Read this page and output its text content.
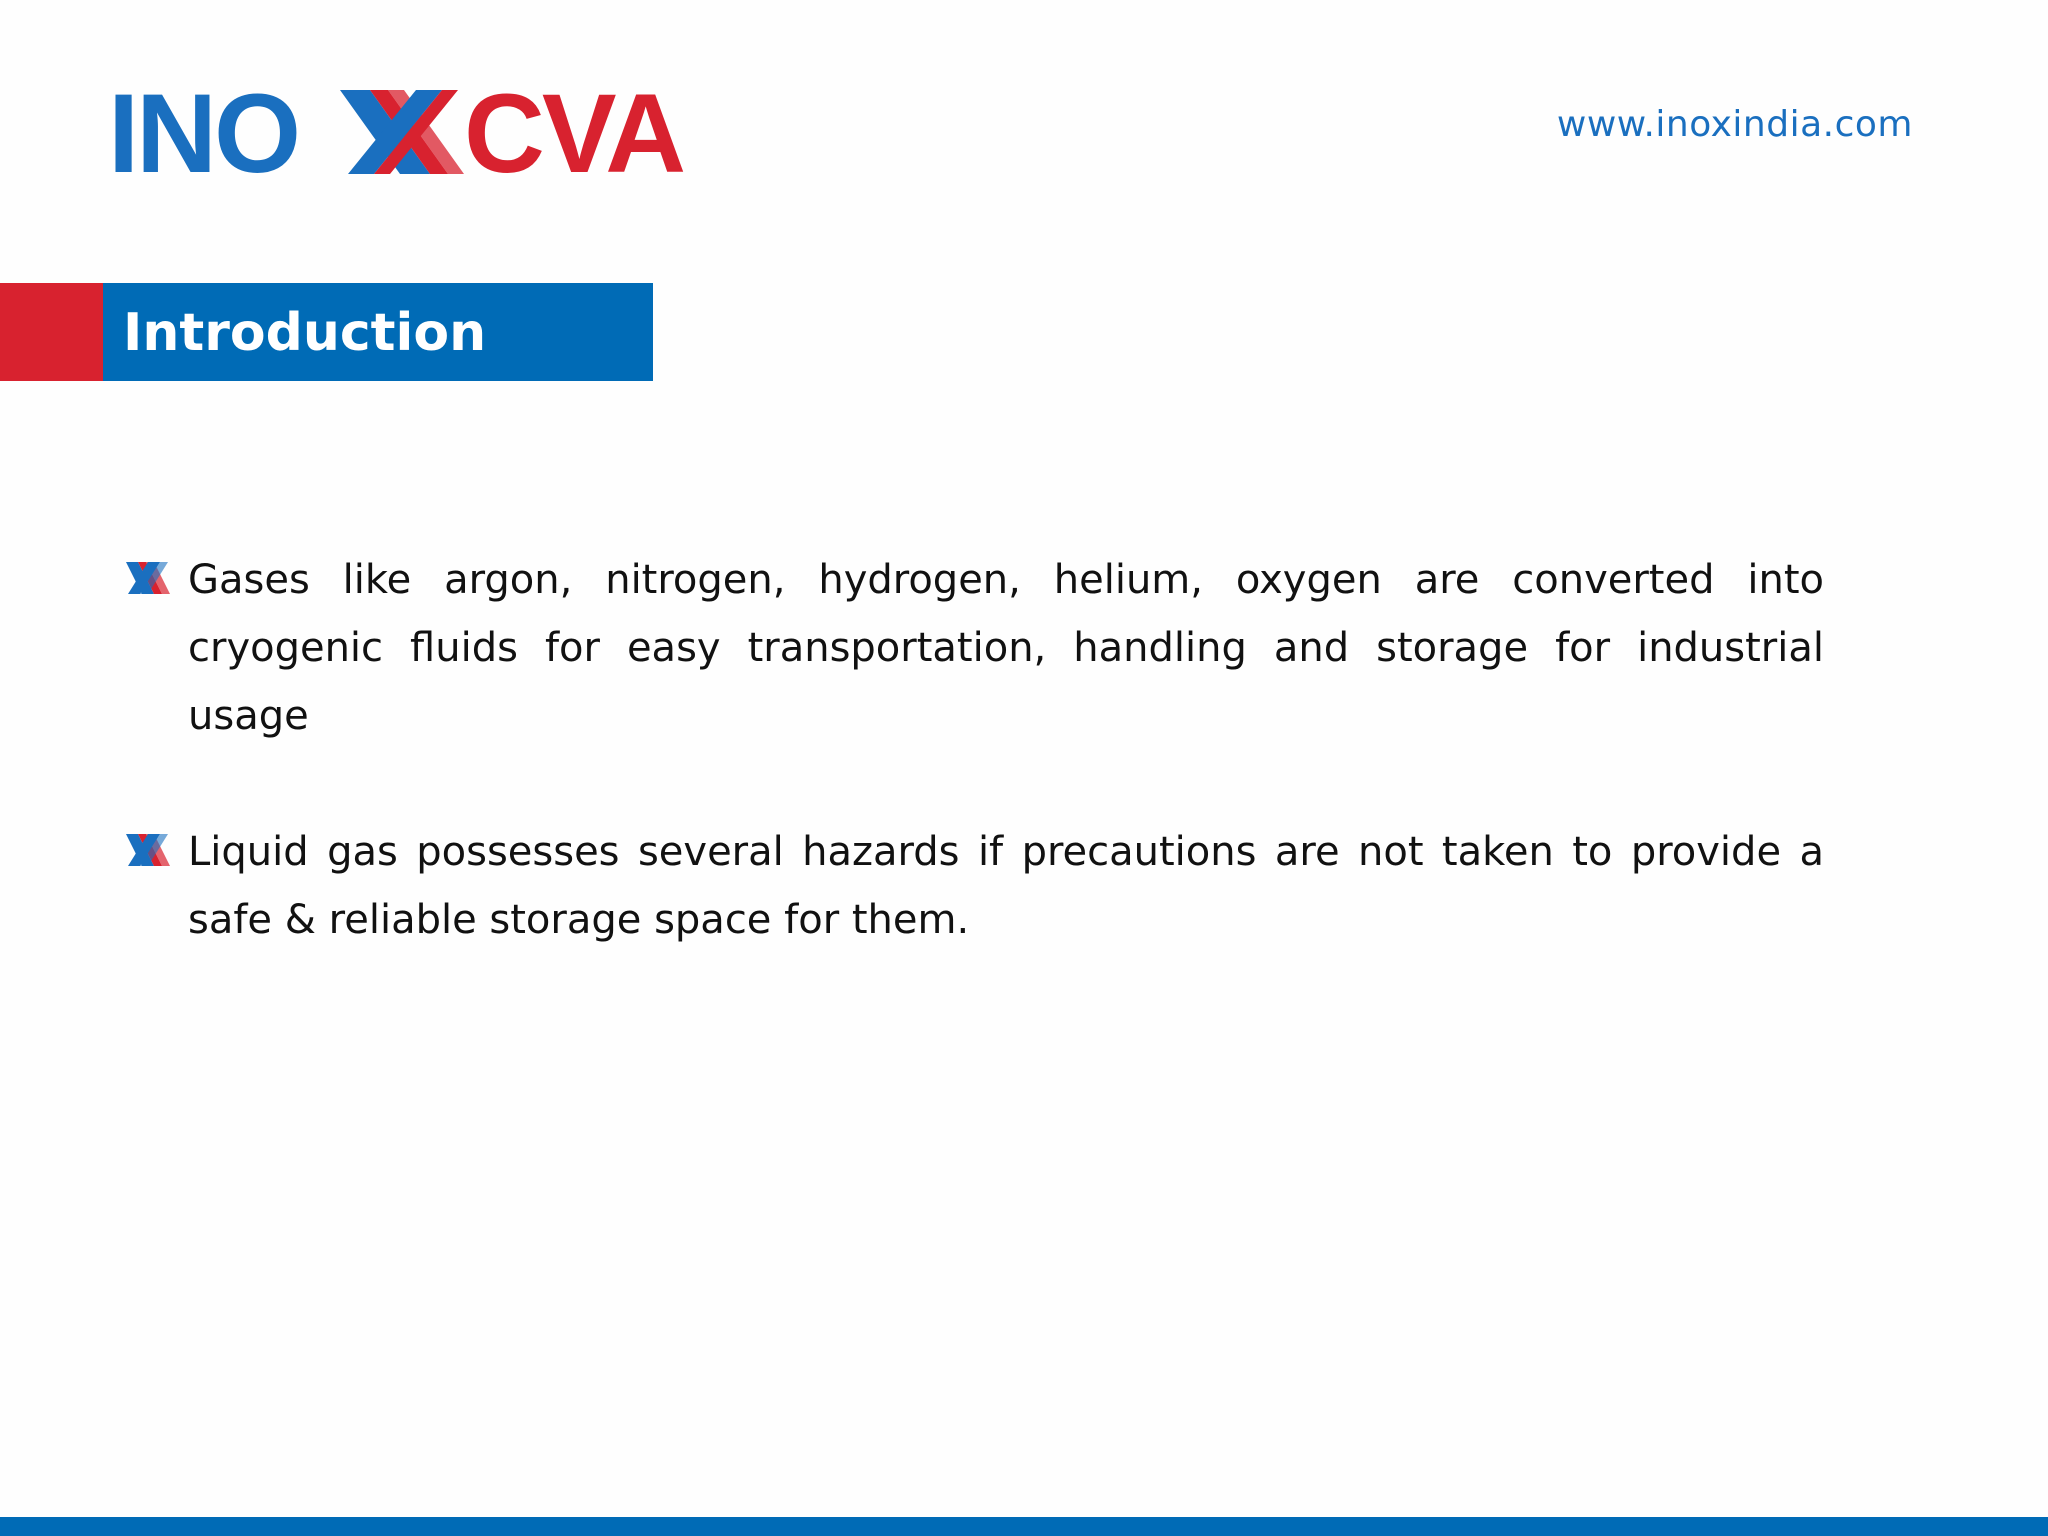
INO CVA	www.inoxindia.com
Introduction
Gases like argon, nitrogen, hydrogen, helium, oxygen are converted into cryogenic fluids for easy transportation, handling and storage for industrial usage
Liquid gas possesses several hazards if precautions are not taken to provide a safe & reliable storage space for them.
